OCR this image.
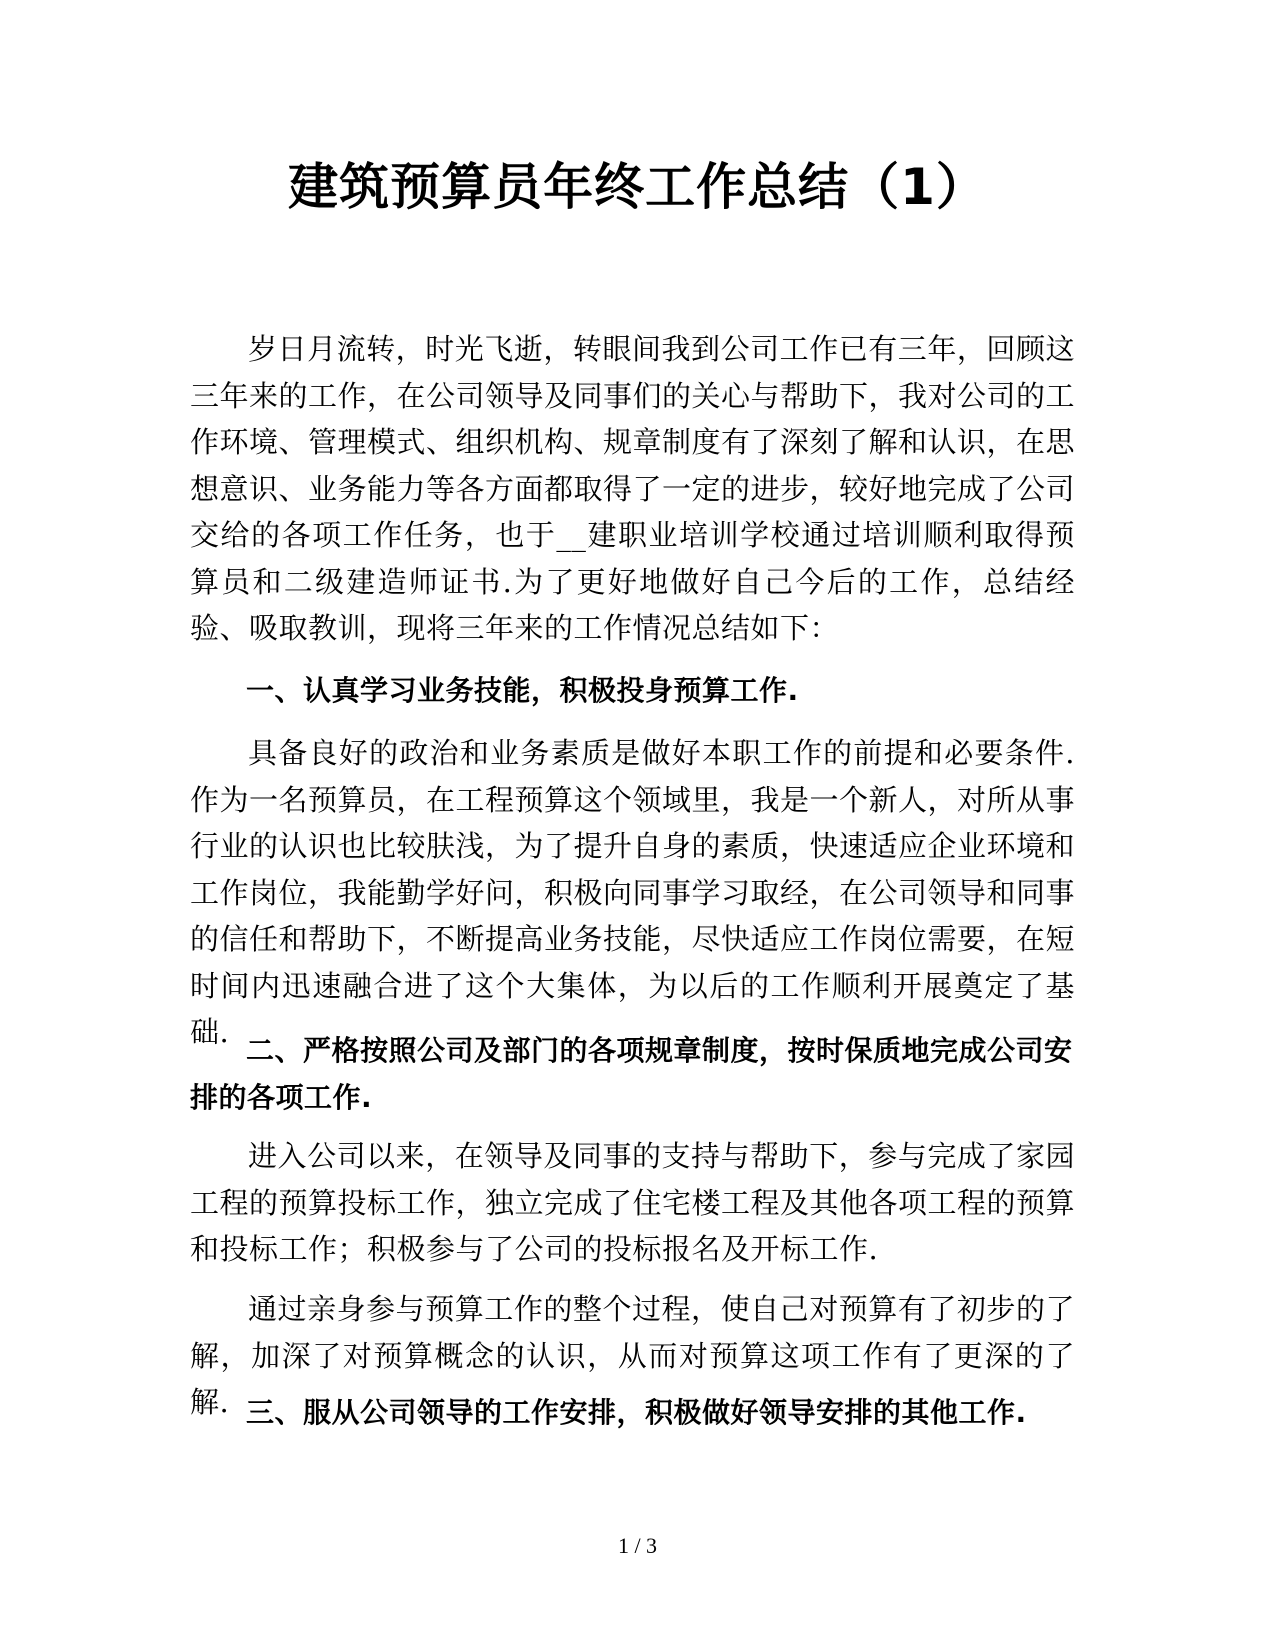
建筑预算员年终工作总结（1）

岁日月流转，时光飞逝，转眼间我到公司工作已有三年，回顾这三年来的工作，在公司领导及同事们的关心与帮助下，我对公司的工作环境、管理模式、组织机构、规章制度有了深刻了解和认识，在思想意识、业务能力等各方面都取得了一定的进步，较好地完成了公司交给的各项工作任务，也于__建职业培训学校通过培训顺利取得预算员和二级建造师证书.为了更好地做好自己今后的工作，总结经验、吸取教训，现将三年来的工作情况总结如下：

一、认真学习业务技能，积极投身预算工作.

具备良好的政治和业务素质是做好本职工作的前提和必要条件.作为一名预算员，在工程预算这个领域里，我是一个新人，对所从事行业的认识也比较肤浅，为了提升自身的素质，快速适应企业环境和工作岗位，我能勤学好问，积极向同事学习取经，在公司领导和同事的信任和帮助下，不断提高业务技能，尽快适应工作岗位需要，在短时间内迅速融合进了这个大集体，为以后的工作顺利开展奠定了基础.

二、严格按照公司及部门的各项规章制度，按时保质地完成公司安排的各项工作.

进入公司以来，在领导及同事的支持与帮助下，参与完成了家园工程的预算投标工作，独立完成了住宅楼工程及其他各项工程的预算和投标工作；积极参与了公司的投标报名及开标工作.

通过亲身参与预算工作的整个过程，使自己对预算有了初步的了解，加深了对预算概念的认识，从而对预算这项工作有了更深的了解. 三、服从公司领导的工作安排，积极做好领导安排的其他工作.

1 / 3
